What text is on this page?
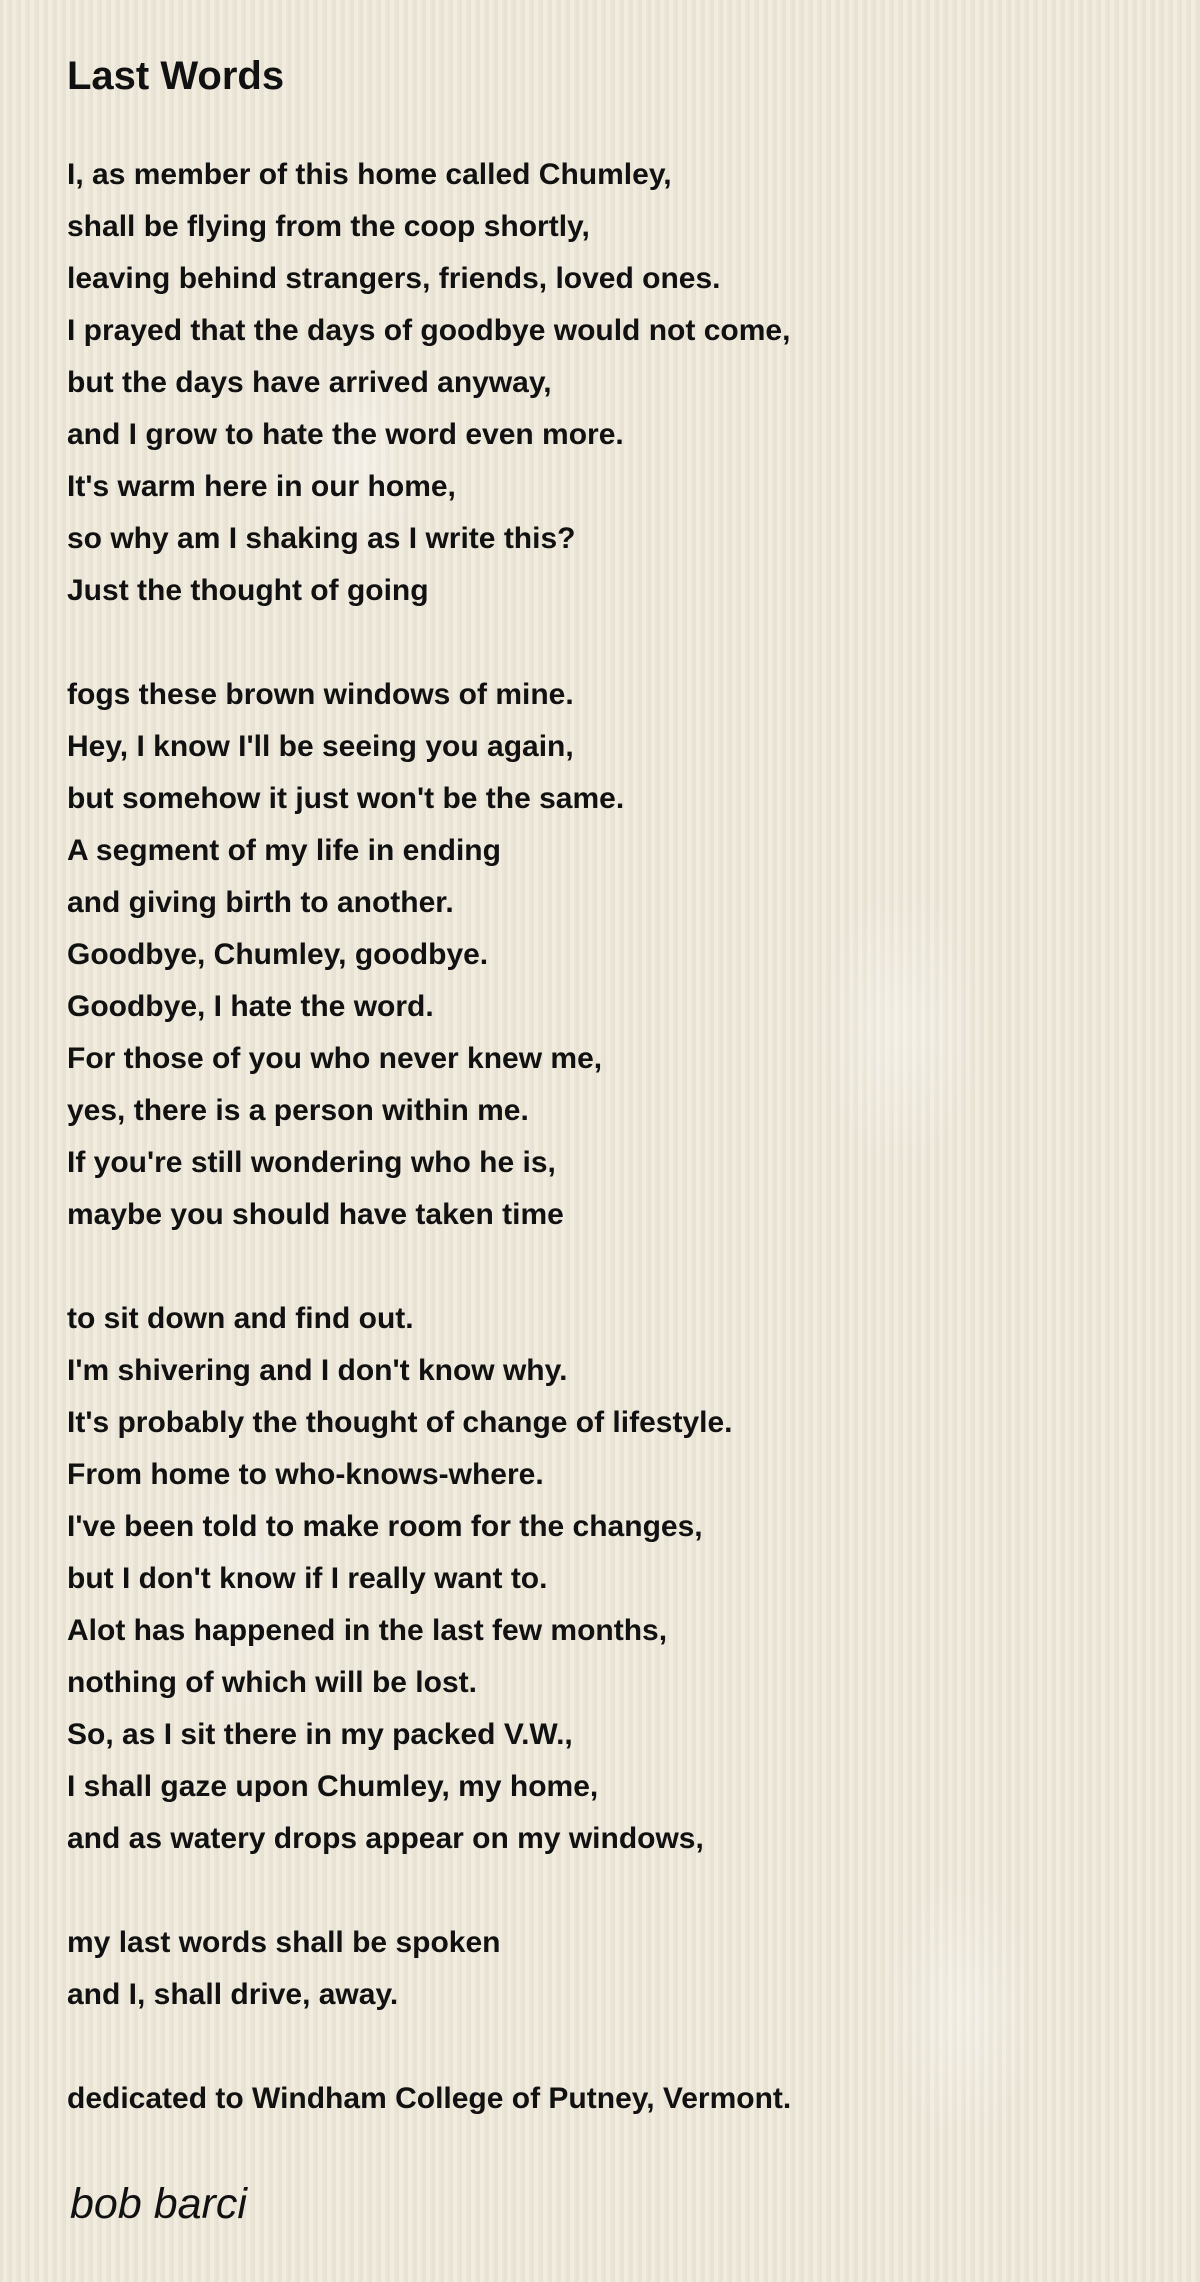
Last Words
I, as member of this home called Chumley,
shall be flying from the coop shortly,
leaving behind strangers, friends, loved ones.
I prayed that the days of goodbye would not come,
but the days have arrived anyway,
and I grow to hate the word even more.
It's warm here in our home,
so why am I shaking as I write this?
Just the thought of going
fogs these brown windows of mine.
Hey, I know I'll be seeing you again,
but somehow it just won't be the same.
A segment of my life in ending
and giving birth to another.
Goodbye, Chumley, goodbye.
Goodbye, I hate the word.
For those of you who never knew me,
yes, there is a person within me.
If you're still wondering who he is,
maybe you should have taken time
to sit down and find out.
I'm shivering and I don't know why.
It's probably the thought of change of lifestyle.
From home to who-knows-where.
I've been told to make room for the changes,
but I don't know if I really want to.
Alot has happened in the last few months,
nothing of which will be lost.
So, as I sit there in my packed V.W.,
I shall gaze upon Chumley, my home,
and as watery drops appear on my windows,
my last words shall be spoken
and I, shall drive, away.
dedicated to Windham College of Putney, Vermont.
bob barci
